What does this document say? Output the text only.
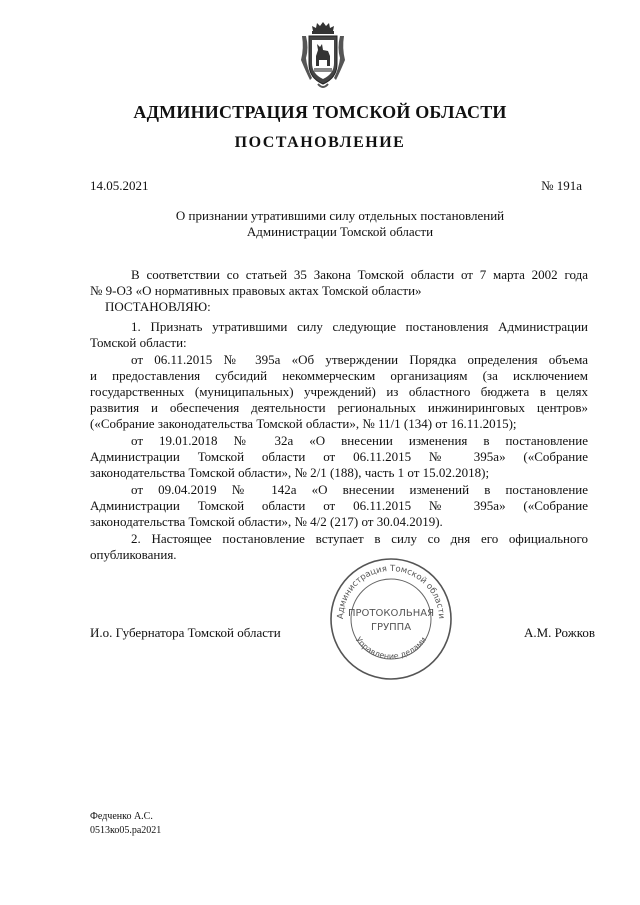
АДМИНИСТРАЦИЯ ТОМСКОЙ ОБЛАСТИ
ПОСТАНОВЛЕНИЕ
14.05.2021	№ 191а
О признании утратившими силу отдельных постановлений
Администрации Томской области
В соответствии со статьей 35 Закона Томской области от 7 марта 2002 года
№ 9-ОЗ «О нормативных правовых актах Томской области»
ПОСТАНОВЛЯЮ:
1. Признать утратившими силу следующие постановления Администрации
Томской области:
от 06.11.2015 № 395а «Об утверждении Порядка определения объема
и предоставления субсидий некоммерческим организациям (за исключением
государственных (муниципальных) учреждений) из областного бюджета в целях
развития и обеспечения деятельности региональных инжиниринговых центров»
(«Собрание законодательства Томской области», № 11/1 (134) от 16.11.2015);
от 19.01.2018 № 32а «О внесении изменения в постановление
Администрации Томской области от 06.11.2015 № 395а» («Собрание
законодательства Томской области», № 2/1 (188), часть 1 от 15.02.2018);
от 09.04.2019 № 142а «О внесении изменений в постановление
Администрации Томской области от 06.11.2015 № 395а» («Собрание
законодательства Томской области», № 4/2 (217) от 30.04.2019).
2. Настоящее постановление вступает в силу со дня его официального
опубликования.
Администрация Томской области
Управление делами
ПРОТОКОЛЬНАЯ
ГРУППА
И.о. Губернатора Томской области	А.М. Рожков
Федченко А.С.
0513ко05.ра2021
